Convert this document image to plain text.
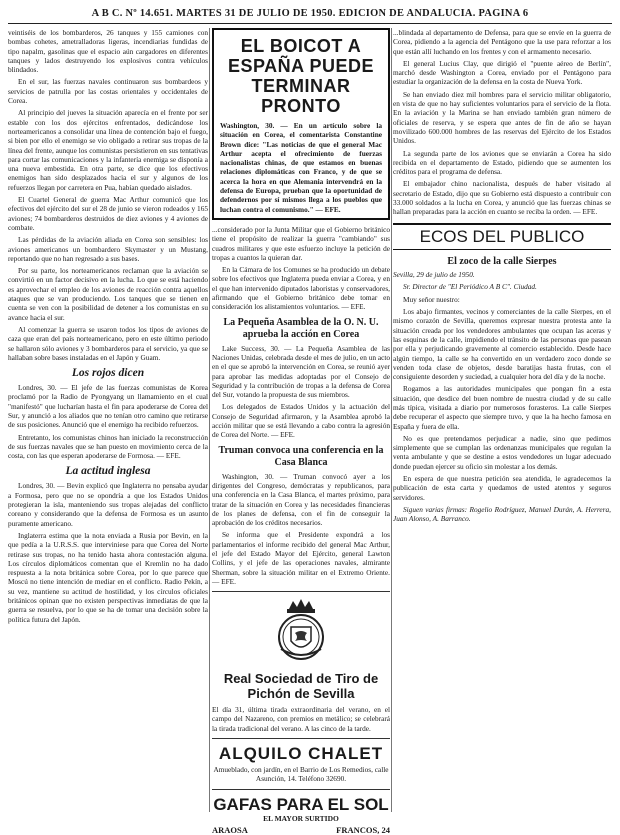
A B C. Nº 14.651. MARTES 31 DE JULIO DE 1950. EDICION DE ANDALUCIA. PAGINA 6

veintiséis de los bombarderos, 26 tanques y 155 camiones con bombas cohetes, ametralladoras ligeras, incendiarias fundidas de tipo napalm, gasolinas que el espacio aún cargadores en diferentes tanques y lados destruyendo los explosivos contra vehículos blindados.

En el sur, las fuerzas navales continuaron sus bombardeos y servicios de patrulla por las costas orientales y occidentales de Corea.

Al principio del jueves la situación aparecía en el frente por ser estable con los dos ejércitos enfrentados, dedicándose los norteamericanos a consolidar una línea de contención bajo el fuego, si bien por ello el enemigo se vio obligado a retirar sus tropas de la línea del frente, aunque los comunistas persistieron en sus tentativas para cortar las comunicaciones y la infantería enemiga se disponía a una nueva embestida. En otra parte, se dice que los efectivos enemigos han sido desplazados hacia el sur y algunos de los refuerzos llegan por carretera en Pua, habían quedado aislados.

El Cuartel General de guerra Mac Arthur comunicó que los efectivos del ejército del sur el 28 de junio se vieron rodeados y 165 aviones; 74 bombarderos destruidos de diez aviones y 4 aviones de combate.

Las pérdidas de la aviación aliada en Corea son sensibles: los aviones americanos un bombardero Skymaster y un Mustang, reportando que no han regresado a sus bases.

Por su parte, los norteamericanos reclaman que la aviación se convirtió en un factor decisivo en la lucha. Lo que se está haciendo es aprovechar el empleo de los aviones de reacción contra aquellos ataques que se van produciendo. Los tanques que se tienen en cuenta se ven con la posibilidad de detener a los comunistas en su avance hacia el sur.

Al comenzar la guerra se usaron todos los tipos de aviones de caza que eran del país norteamericano, pero en este último periodo se hallaron sólo aviones y 3 bombarderos para el servicio, ya que se hallaban sobre bases instaladas en el Japón y Guam.

Los rojos dicen

Londres, 30. — El jefe de las fuerzas comunistas de Korea proclamó por la Radio de Pyongyang un llamamiento en el cual "manifestó" que lucharían hasta el fin para apoderarse de Corea del Sur, y anunció a los aliados que no tenían otro camino que retirarse de sus posiciones. Anunció que el enemigo ha recibido refuerzos.

Entretanto, los comunistas chinos han iniciado la reconstrucción de sus fuerzas navales que se han puesto en movimiento cerca de la costa, con las que esperan apoderarse de Formosa. — EFE.

La actitud inglesa

Londres, 30. — Bevin explicó que Inglaterra no pensaba ayudar a Formosa, pero que no se opondría a que los Estados Unidos protegieran la isla, manteniendo sus tropas alejadas del conflicto coreano y considerando que la defensa de Formosa es un asunto puramente americano.

Inglaterra estima que la nota enviada a Rusia por Bevin, en la que pedía a la U.R.S.S. que interviniese para que Corea del Norte retirase sus tropas, no ha tenido hasta ahora contestación alguna. Los círculos diplomáticos comentan que el Kremlin no ha dado respuesta a la nota británica sobre Corea, por lo que parece que Moscú no tiene intención de mediar en el conflicto. Radio Pekín, a su vez, mantiene su actitud de hostilidad, y los círculos oficiales británicos opinan que no existen perspectivas inmediatas de que la guerra se resuelva, por lo que se ha de tomar una decisión sobre la política futura del Japón.

EL BOICOT A ESPAÑA PUEDE TERMINAR PRONTO

Washington, 30. — En un artículo sobre la situación en Corea, el comentarista Constantine Brown dice: "Las noticias de que el general Mac Arthur acepta el ofrecimiento de fuerzas nacionalistas chinas, de que estamos en buenas relaciones diplomáticas con Franco, y de que se acerca la hora en que Alemania intervendrá en la defensa de Europa, prueban que la oportunidad de defendernos por sí mismos llega a los pueblos que luchan contra el comunismo." — EFE.

...considerado por la Junta Militar que el Gobierno británico tiene el propósito de realizar la guerra "cambiando" sus cuadros militares y que este esfuerzo incluye la petición de tropas a cuantos la quieran dar.

En la Cámara de los Comunes se ha producido un debate sobre los efectivos que Inglaterra pueda enviar a Corea, y en el que han intervenido diputados laboristas y conservadores, afirmando que el Gobierno británico debe tomar en consideración los alistamientos voluntarios. — EFE.

La Pequeña Asamblea de la O. N. U. aprueba la acción en Corea

Lake Success, 30. — La Pequeña Asamblea de las Naciones Unidas, celebrada desde el mes de julio, en un acto en el que se aprobó la intervención en Corea, se reunió ayer para aprobar las medidas adoptadas por el Consejo de Seguridad y la contribución de tropas a la defensa de Corea del Sur, votando la propuesta de sus miembros.

Los delegados de Estados Unidos y la actuación del Consejo de Seguridad afirmaron, y la Asamblea aprobó la acción militar que se está llevando a cabo contra la agresión de Corea del Norte. — EFE.

Truman convoca una conferencia en la Casa Blanca

Washington, 30. — Truman convocó ayer a los dirigentes del Congreso, demócratas y republicanos, para una conferencia en la Casa Blanca, el martes próximo, para tratar de la situación en Corea y las necesidades financieras de los planes de defensa, con el fin de conseguir la aprobación de los créditos necesarios.

Se informa que el Presidente expondrá a los parlamentarios el informe recibido del general Mac Arthur, el jefe del Estado Mayor del Ejército, general Lawton Collins, y el jefe de las operaciones navales, almirante Sherman, sobre la situación militar en el Extremo Oriente. — EFE.

Real Sociedad de Tiro de Pichón de Sevilla

El día 31, última tirada extraordinaria del verano, en el campo del Nazareno, con premios en metálico; se celebrará la tirada tradicional del verano. A las cinco de la tarde.

ALQUILO CHALET

Amueblado, con jardín, en el Barrio de Los Remedios, calle Asunción, 14. Teléfono 32690.

GAFAS PARA EL SOL
EL MAYOR SURTIDO
ARAOSA	FRANCOS, 24

...blindada al departamento de Defensa, para que se envíe en la guerra de Corea, pidiendo a la agencia del Pentágono que la use para reforzar a los que están allí luchando en los frentes y con el armamento necesario.

El general Lucius Clay, que dirigió el "puente aéreo de Berlín", marchó desde Washington a Corea, enviado por el Pentágono para estudiar la organización de la defensa en la costa de Nueva York.

Se han enviado diez mil hombres para el servicio militar obligatorio, en vista de que no hay suficientes voluntarios para el servicio de la flota. En la aviación y la Marina se han enviado también gran número de oficiales de reserva, y se espera que antes de fin de año se hayan movilizado 600.000 hombres de las reservas del Ejército de los Estados Unidos.

La segunda parte de los aviones que se enviarán a Corea ha sido recibida en el departamento de Estado, pidiendo que se aumenten los créditos para el programa de defensa.

El embajador chino nacionalista, después de haber visitado al secretario de Estado, dijo que su Gobierno está dispuesto a contribuir con 33.000 soldados a la lucha en Corea, y anunció que las fuerzas chinas se hallan preparadas para la acción en cuanto se reciba la orden. — EFE.

ECOS DEL PUBLICO
El zoco de la calle Sierpes

Sevilla, 29 de julio de 1950.

Sr. Director de "El Periódico A B C". Ciudad.

Muy señor nuestro:

Los abajo firmantes, vecinos y comerciantes de la calle Sierpes, en el mismo corazón de Sevilla, queremos expresar nuestra protesta ante la situación creada por los vendedores ambulantes que ocupan las aceras y las esquinas de la calle, impidiendo el tránsito de las personas que pasean por ella y perjudicando gravemente al comercio establecido. Desde hace algún tiempo, la calle se ha convertido en un verdadero zoco donde se venden toda clase de objetos, desde baratijas hasta frutas, con el consiguiente desorden y suciedad, a cualquier hora del día y de la noche.

Rogamos a las autoridades municipales que pongan fin a esta situación, que desdice del buen nombre de nuestra ciudad y de su calle más típica, visitada a diario por numerosos forasteros. La calle Sierpes debe recuperar el aspecto que siempre tuvo, y que la ha hecho famosa en España y fuera de ella.

No es que pretendamos perjudicar a nadie, sino que pedimos simplemente que se cumplan las ordenanzas municipales que regulan la venta ambulante y que se destine a estos vendedores un lugar adecuado donde puedan ejercer su oficio sin molestar a los demás.

En espera de que nuestra petición sea atendida, le agradecemos la publicación de esta carta y quedamos de usted atentos y seguros servidores.

Siguen varias firmas: Rogelio Rodríguez, Manuel Durán, A. Herrera, Juan Alonso, A. Barranco.
